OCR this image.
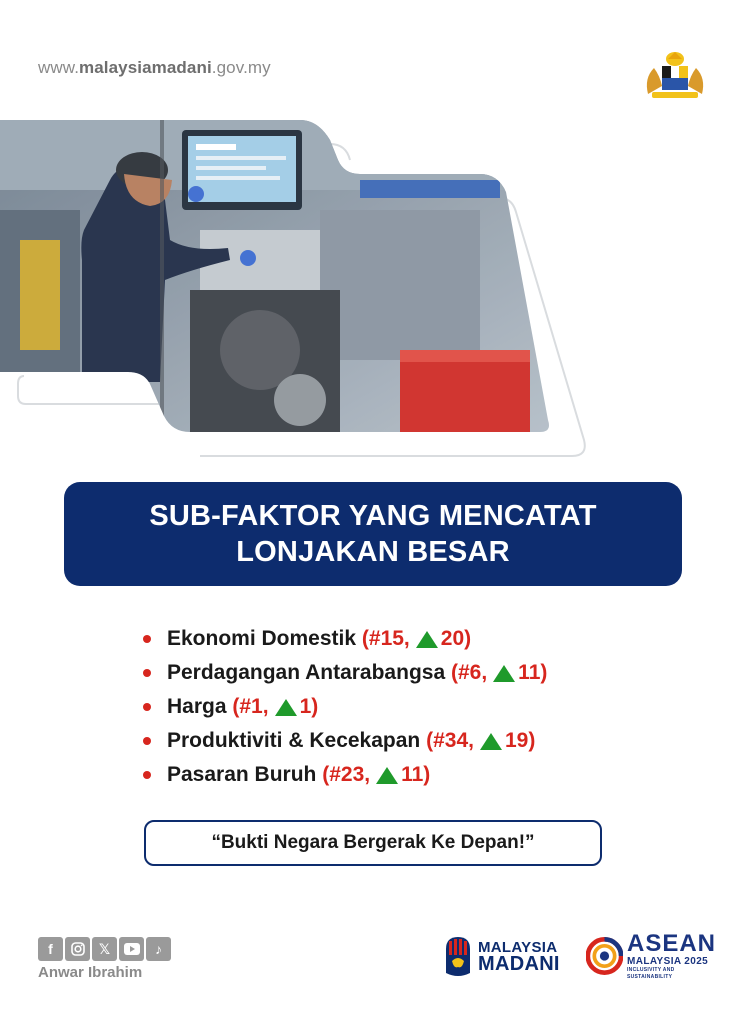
www.malaysiamadani.gov.my
SUB-FAKTOR YANG MENCATAT
LONJAKAN BESAR
Ekonomi Domestik
(#15, 20)
Perdagangan Antarabangsa
(#6, 11)
Harga
(#1, 1)
Produktiviti & Kecekapan
(#34, 19)
Pasaran Buruh
(#23, 11)
“Bukti Negara Bergerak Ke Depan!”
f	𝕏	♪
Anwar Ibrahim
MALAYSIA
MADANI
ASEAN
MALAYSIA 2025
INCLUSIVITY AND SUSTAINABILITY
